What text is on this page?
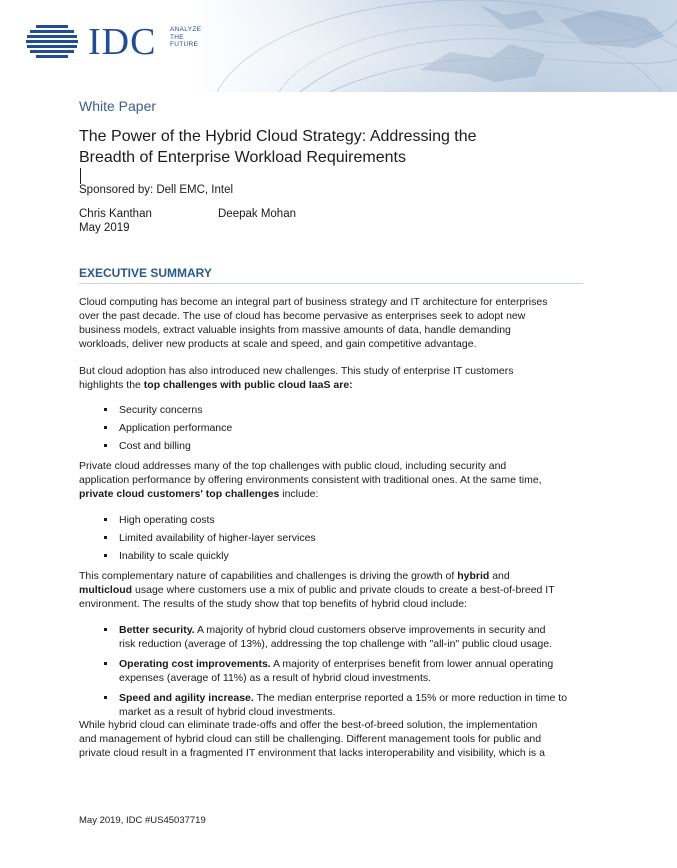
IDC ANALYZE
THE
FUTURE
White Paper
The Power of the Hybrid Cloud Strategy: Addressing the
Breadth of Enterprise Workload Requirements
Sponsored by: Dell EMC, Intel
Chris Kanthan	Deepak Mohan
May 2019
EXECUTIVE SUMMARY
Cloud computing has become an integral part of business strategy and IT architecture for enterprises
over the past decade. The use of cloud has become pervasive as enterprises seek to adopt new
business models, extract valuable insights from massive amounts of data, handle demanding
workloads, deliver new products at scale and speed, and gain competitive advantage.
But cloud adoption has also introduced new challenges. This study of enterprise IT customers
highlights the top challenges with public cloud IaaS are:
Security concerns
Application performance
Cost and billing
Private cloud addresses many of the top challenges with public cloud, including security and
application performance by offering environments consistent with traditional ones. At the same time,
private cloud customers' top challenges include:
High operating costs
Limited availability of higher-layer services
Inability to scale quickly
This complementary nature of capabilities and challenges is driving the growth of hybrid and
multicloud usage where customers use a mix of public and private clouds to create a best-of-breed IT
environment. The results of the study show that top benefits of hybrid cloud include:
Better security. A majority of hybrid cloud customers observe improvements in security and
risk reduction (average of 13%), addressing the top challenge with "all-in" public cloud usage.
Operating cost improvements. A majority of enterprises benefit from lower annual operating
expenses (average of 11%) as a result of hybrid cloud investments.
Speed and agility increase. The median enterprise reported a 15% or more reduction in time to
market as a result of hybrid cloud investments.
While hybrid cloud can eliminate trade-offs and offer the best-of-breed solution, the implementation
and management of hybrid cloud can still be challenging. Different management tools for public and
private cloud result in a fragmented IT environment that lacks interoperability and visibility, which is a
May 2019, IDC #US45037719
